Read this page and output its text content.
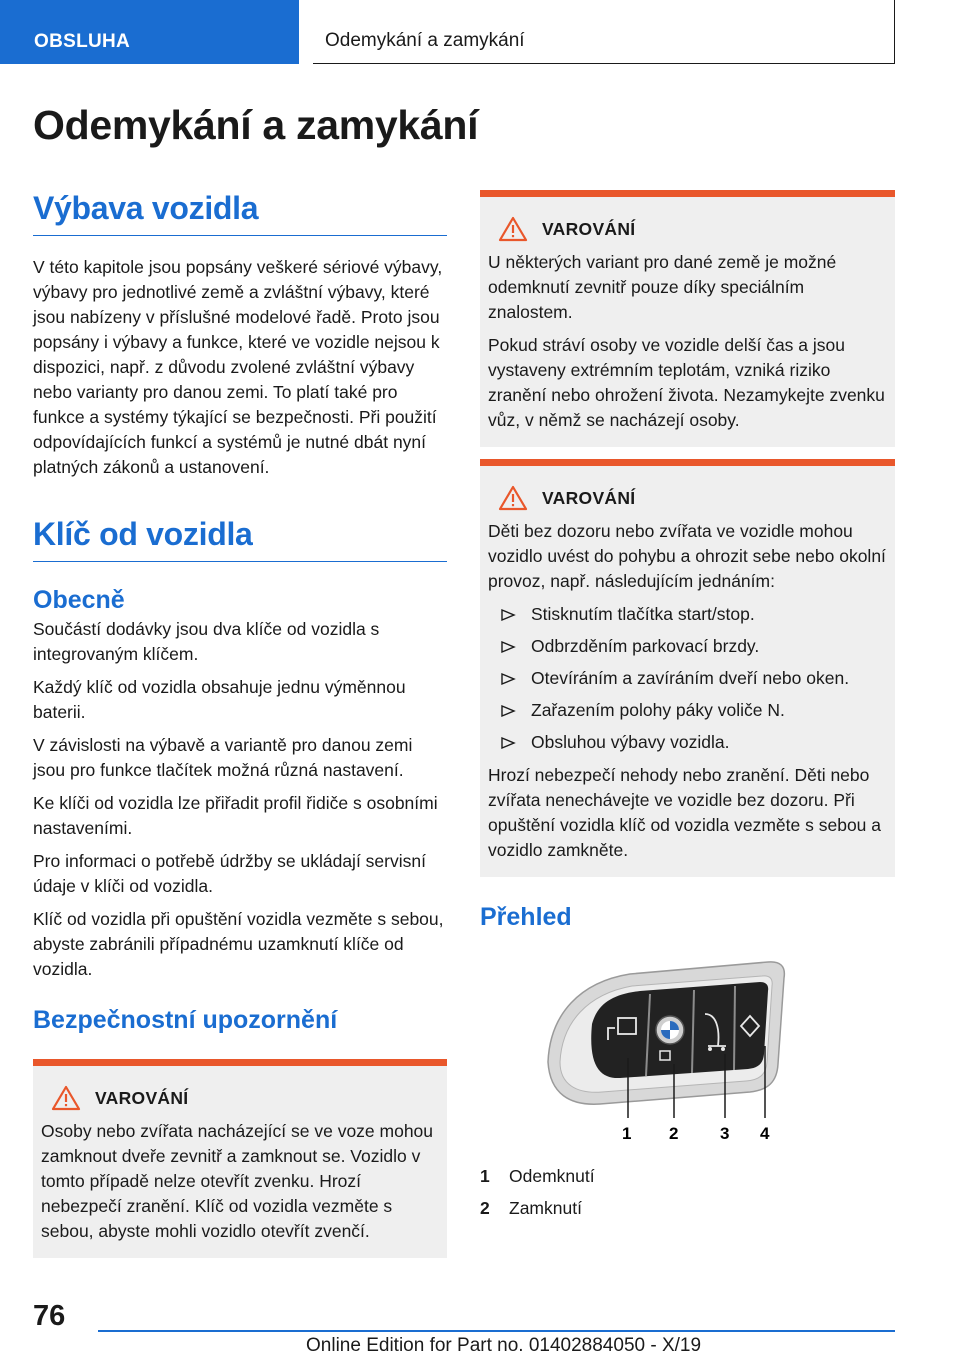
OBSLUHA	Odemykání a zamykání
Odemykání a zamykání
Výbava vozidla

V této kapitole jsou popsány veškeré sériové výbavy, výbavy pro jednotlivé země a zvláštní výbavy, které jsou nabízeny v příslušné modelové řadě. Proto jsou popsány i výbavy a funkce, které ve vozidle nejsou k dispozici, např. z důvodu zvolené zvláštní výbavy nebo varianty pro danou zemi. To platí také pro funkce a systémy týkající se bezpečnosti. Při použití odpovídajících funkcí a systémů je nutné dbát nyní platných zákonů a ustanovení.

Klíč od vozidla
Obecně

Součástí dodávky jsou dva klíče od vozidla s integrovaným klíčem.

Každý klíč od vozidla obsahuje jednu výměnnou baterii.

V závislosti na výbavě a variantě pro danou zemi jsou pro funkce tlačítek možná různá nastavení.

Ke klíči od vozidla lze přiřadit profil řidiče s osobními nastaveními.

Pro informaci o potřebě údržby se ukládají servisní údaje v klíči od vozidla.

Klíč od vozidla při opuštění vozidla vezměte s sebou, abyste zabránili případnému uzamknutí klíče od vozidla.

Bezpečnostní upozornění
VAROVÁNÍ

Osoby nebo zvířata nacházející se ve voze mohou zamknout dveře zevnitř a zamknout se. Vozidlo v tomto případě nelze otevřít zvenku. Hrozí nebezpečí zranění. Klíč od vozidla vezměte s sebou, abyste mohli vozidlo otevřít zvenčí.

VAROVÁNÍ

U některých variant pro dané země je možné odemknutí zevnitř pouze díky speciálním znalostem.

Pokud stráví osoby ve vozidle delší čas a jsou vystaveny extrémním teplotám, vzniká riziko zranění nebo ohrožení života. Nezamykejte zvenku vůz, v němž se nacházejí osoby.

VAROVÁNÍ

Děti bez dozoru nebo zvířata ve vozidle mohou vozidlo uvést do pohybu a ohrozit sebe nebo okolní provoz, např. následujícím jednáním:

Stisknutím tlačítka start/stop.
Odbrzděním parkovací brzdy.
Otevíráním a zavíráním dveří nebo oken.
Zařazením polohy páky voliče N.
Obsluhou výbavy vozidla.

Hrozí nebezpečí nehody nebo zranění. Děti nebo zvířata nenechávejte ve vozidle bez dozoru. Při opuštění vozidla klíč od vozidla vezměte s sebou a vozidlo zamkněte.

Přehled
1 2 3 4
1	Odemknutí
2	Zamknutí
76
Online Edition for Part no. 01402884050 - X/19
